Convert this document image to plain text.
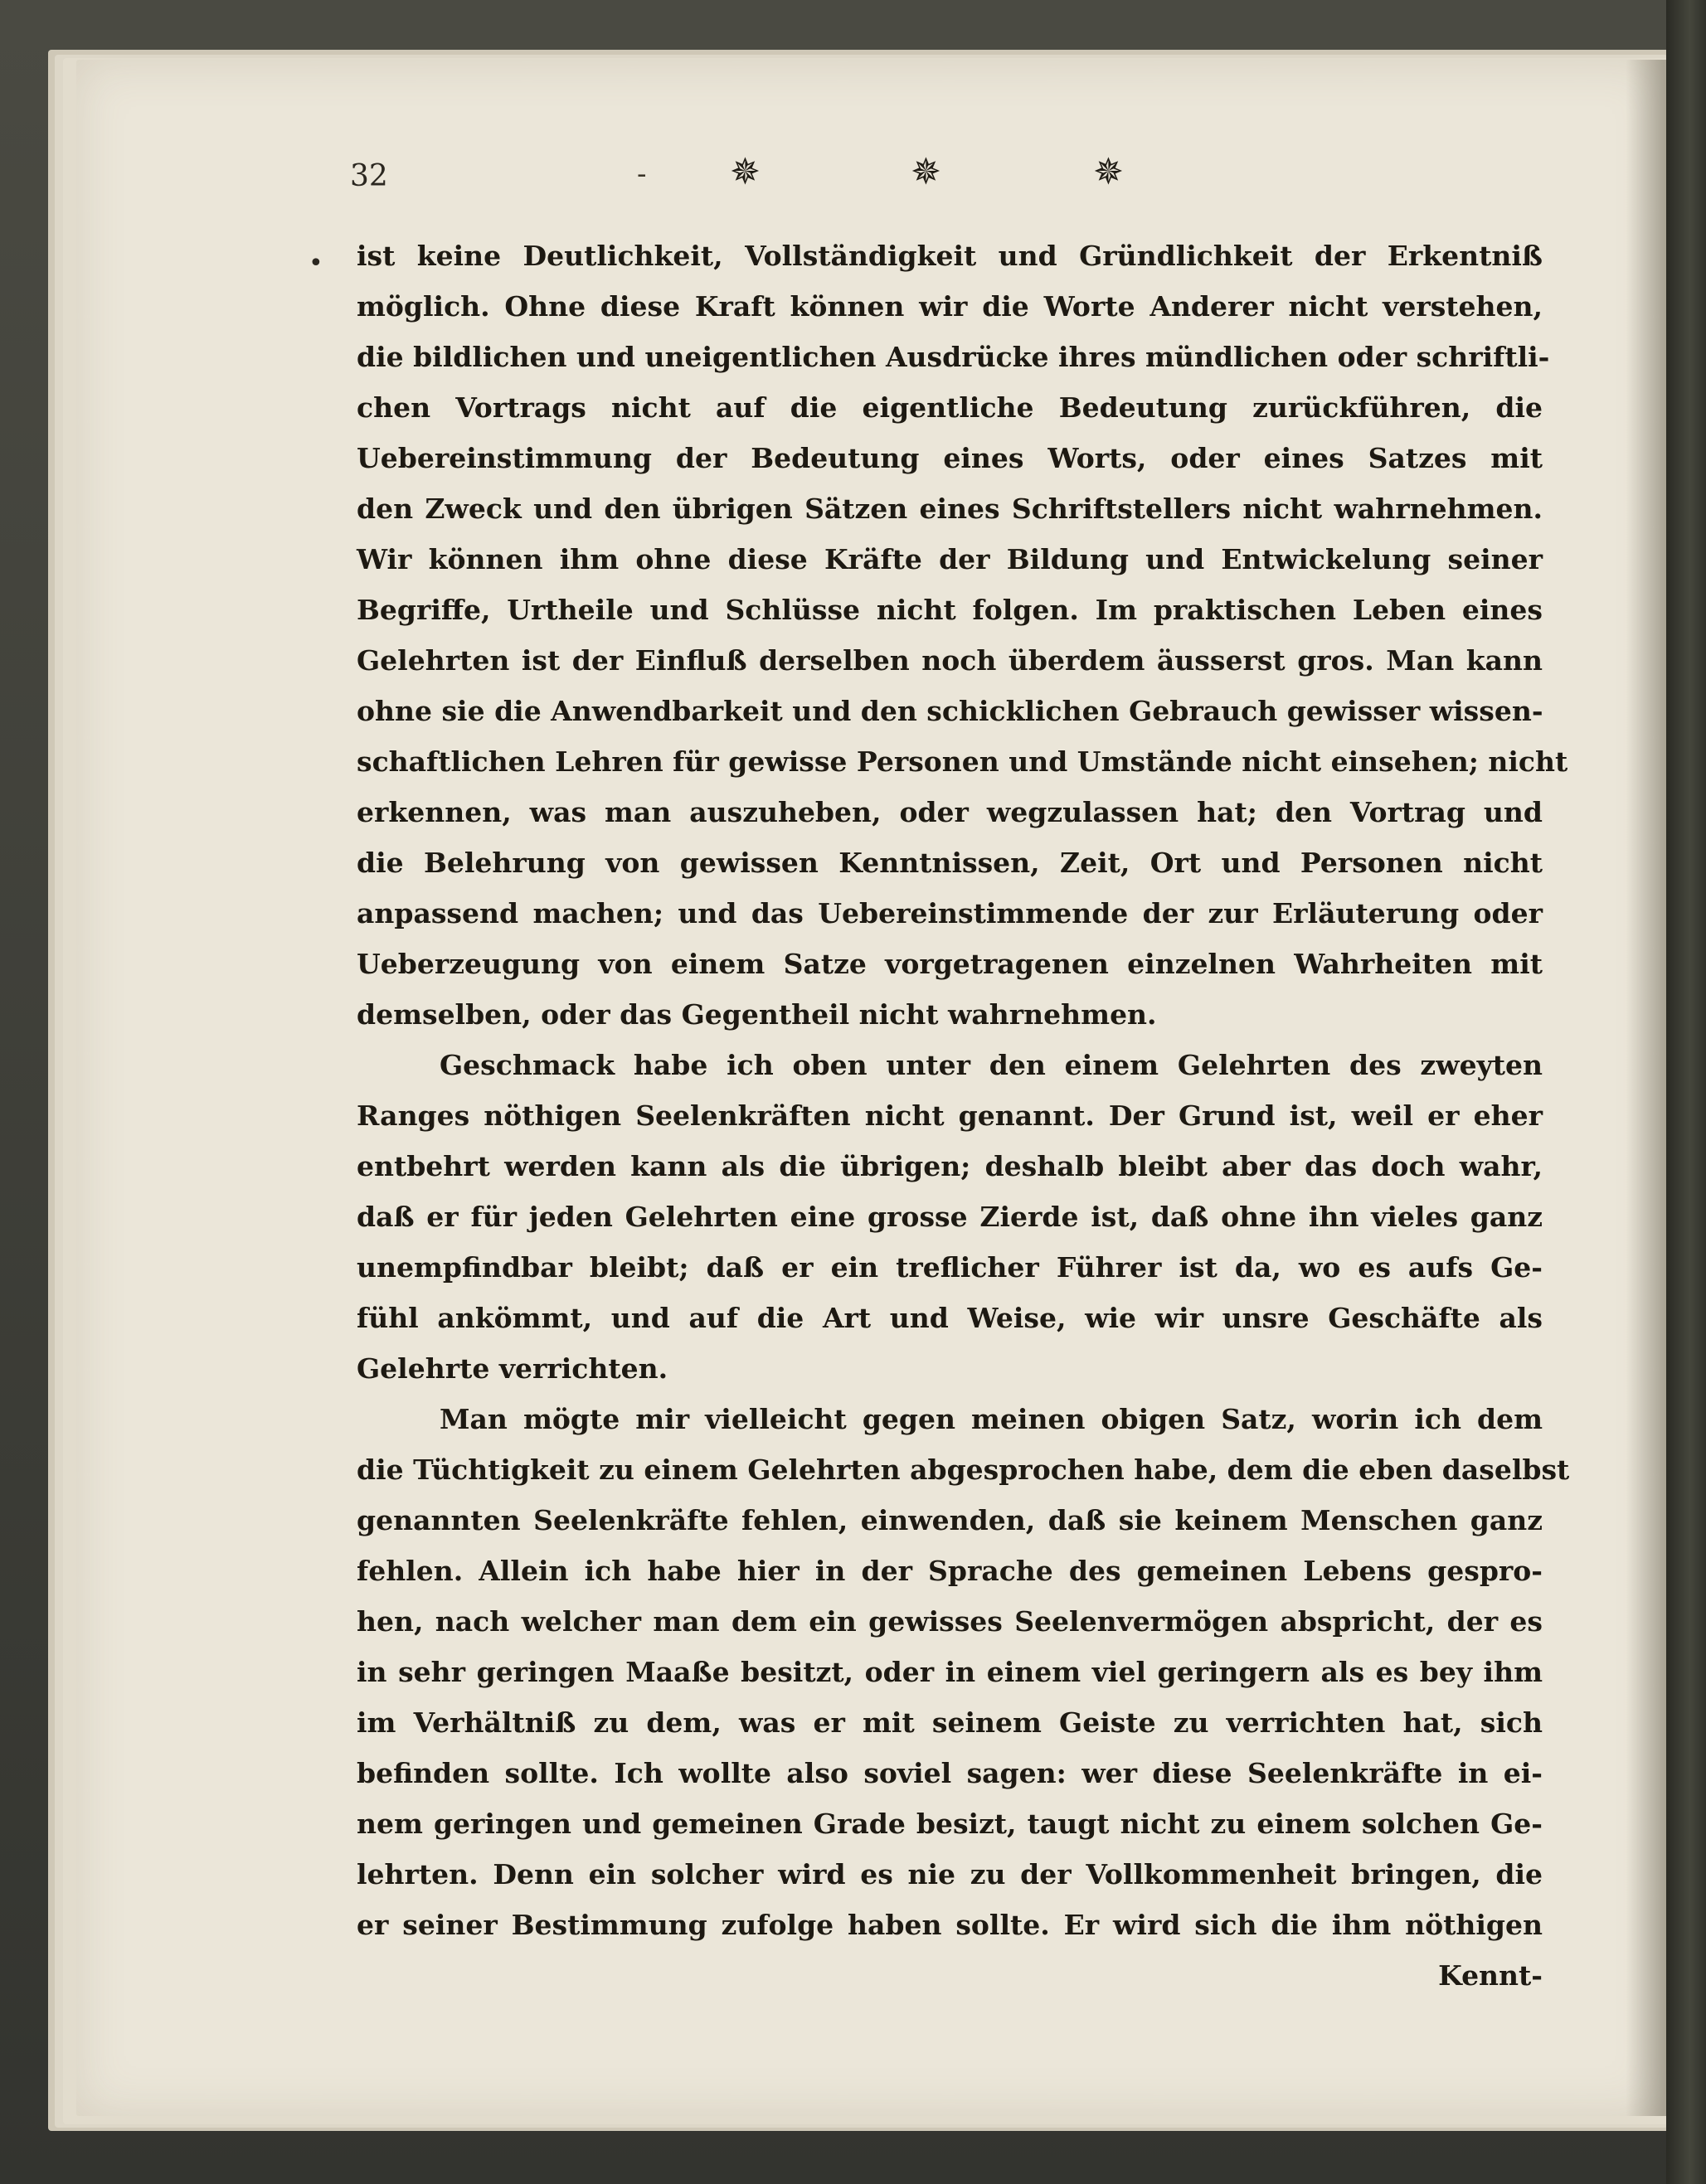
32	- ✵	✵	✵
• ist keine Deutlichkeit, Vollständigkeit und Gründlichkeit der Erkentniß
möglich. Ohne diese Kraft können wir die Worte Anderer nicht verstehen,
die bildlichen und uneigentlichen Ausdrücke ihres mündlichen oder schriftli-
chen Vortrags nicht auf die eigentliche Bedeutung zurückführen, die
Uebereinstimmung der Bedeutung eines Worts, oder eines Satzes mit
den Zweck und den übrigen Sätzen eines Schriftstellers nicht wahrnehmen.
Wir können ihm ohne diese Kräfte der Bildung und Entwickelung seiner
Begriffe, Urtheile und Schlüsse nicht folgen. Im praktischen Leben eines
Gelehrten ist der Einfluß derselben noch überdem äusserst gros. Man kann
ohne sie die Anwendbarkeit und den schicklichen Gebrauch gewisser wissen-
schaftlichen Lehren für gewisse Personen und Umstände nicht einsehen; nicht
erkennen, was man auszuheben, oder wegzulassen hat; den Vortrag und
die Belehrung von gewissen Kenntnissen, Zeit, Ort und Personen nicht
anpassend machen; und das Uebereinstimmende der zur Erläuterung oder
Ueberzeugung von einem Satze vorgetragenen einzelnen Wahrheiten mit
demselben, oder das Gegentheil nicht wahrnehmen.
Geschmack habe ich oben unter den einem Gelehrten des zweyten
Ranges nöthigen Seelenkräften nicht genannt. Der Grund ist, weil er eher
entbehrt werden kann als die übrigen; deshalb bleibt aber das doch wahr,
daß er für jeden Gelehrten eine grosse Zierde ist, daß ohne ihn vieles ganz
unempfindbar bleibt; daß er ein treflicher Führer ist da, wo es aufs Ge-
fühl ankömmt, und auf die Art und Weise, wie wir unsre Geschäfte als
Gelehrte verrichten.
Man mögte mir vielleicht gegen meinen obigen Satz, worin ich dem
die Tüchtigkeit zu einem Gelehrten abgesprochen habe, dem die eben daselbst
genannten Seelenkräfte fehlen, einwenden, daß sie keinem Menschen ganz
fehlen. Allein ich habe hier in der Sprache des gemeinen Lebens gespro-
hen, nach welcher man dem ein gewisses Seelenvermögen abspricht, der es
in sehr geringen Maaße besitzt, oder in einem viel geringern als es bey ihm
im Verhältniß zu dem, was er mit seinem Geiste zu verrichten hat, sich
befinden sollte. Ich wollte also soviel sagen: wer diese Seelenkräfte in ei-
nem geringen und gemeinen Grade besizt, taugt nicht zu einem solchen Ge-
lehrten. Denn ein solcher wird es nie zu der Vollkommenheit bringen, die
er seiner Bestimmung zufolge haben sollte. Er wird sich die ihm nöthigen
Kennt-
